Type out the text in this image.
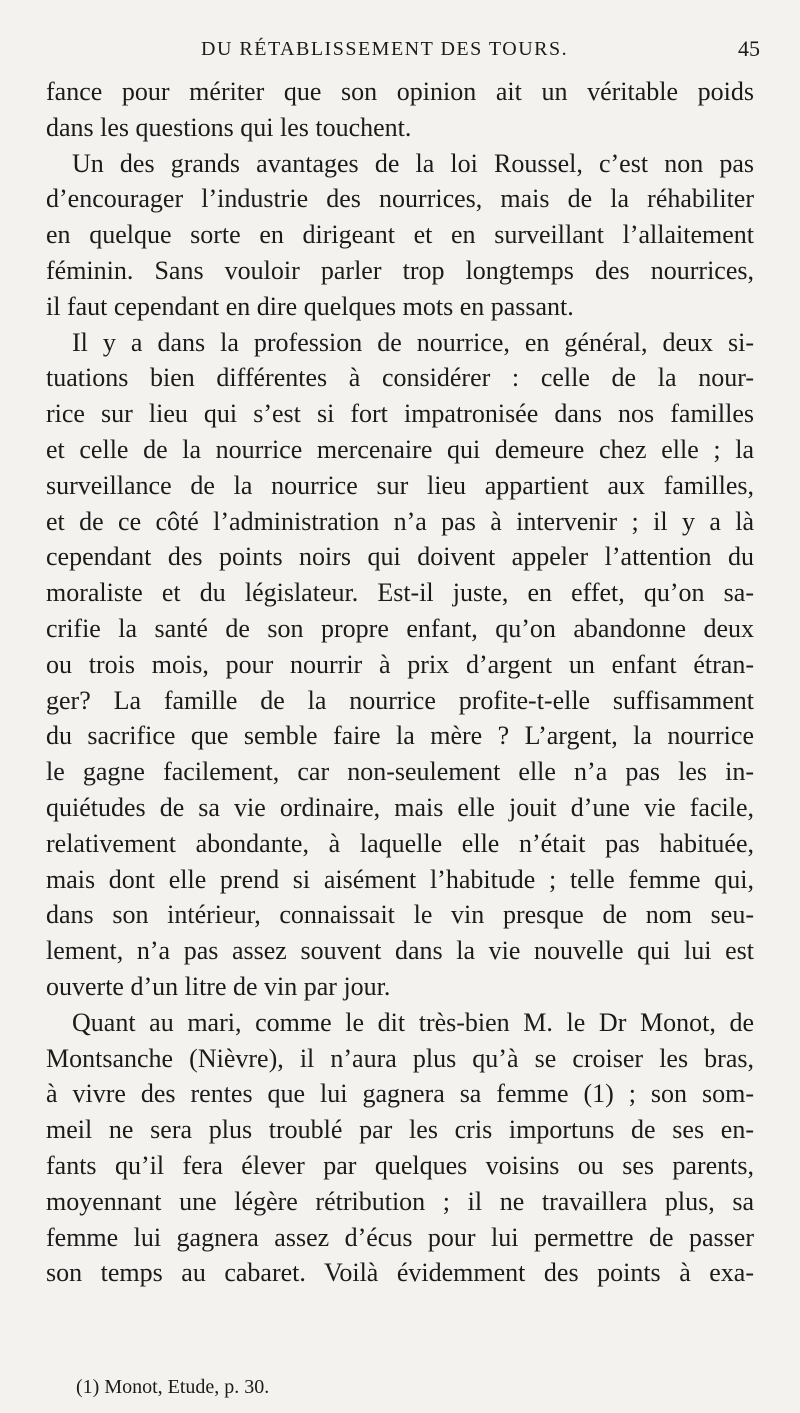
DU RÉTABLISSEMENT DES TOURS.	45
fance pour mériter que son opinion ait un véritable poids
dans les questions qui les touchent.
Un des grands avantages de la loi Roussel, c’est non pas
d’encourager l’industrie des nourrices, mais de la réhabiliter
en quelque sorte en dirigeant et en surveillant l’allaitement
féminin. Sans vouloir parler trop longtemps des nourrices,
il faut cependant en dire quelques mots en passant.
Il y a dans la profession de nourrice, en général, deux si-
tuations bien différentes à considérer : celle de la nour-
rice sur lieu qui s’est si fort impatronisée dans nos familles
et celle de la nourrice mercenaire qui demeure chez elle ; la
surveillance de la nourrice sur lieu appartient aux familles,
et de ce côté l’administration n’a pas à intervenir ; il y a là
cependant des points noirs qui doivent appeler l’attention du
moraliste et du législateur. Est-il juste, en effet, qu’on sa-
crifie la santé de son propre enfant, qu’on abandonne deux
ou trois mois, pour nourrir à prix d’argent un enfant étran-
ger? La famille de la nourrice profite-t-elle suffisamment
du sacrifice que semble faire la mère ? L’argent, la nourrice
le gagne facilement, car non-seulement elle n’a pas les in-
quiétudes de sa vie ordinaire, mais elle jouit d’une vie facile,
relativement abondante, à laquelle elle n’était pas habituée,
mais dont elle prend si aisément l’habitude ; telle femme qui,
dans son intérieur, connaissait le vin presque de nom seu-
lement, n’a pas assez souvent dans la vie nouvelle qui lui est
ouverte d’un litre de vin par jour.
Quant au mari, comme le dit très-bien M. le Dr Monot, de
Montsanche (Nièvre), il n’aura plus qu’à se croiser les bras,
à vivre des rentes que lui gagnera sa femme (1) ; son som-
meil ne sera plus troublé par les cris importuns de ses en-
fants qu’il fera élever par quelques voisins ou ses parents,
moyennant une légère rétribution ; il ne travaillera plus, sa
femme lui gagnera assez d’écus pour lui permettre de passer
son temps au cabaret. Voilà évidemment des points à exa-
(1) Monot, Etude, p. 30.
